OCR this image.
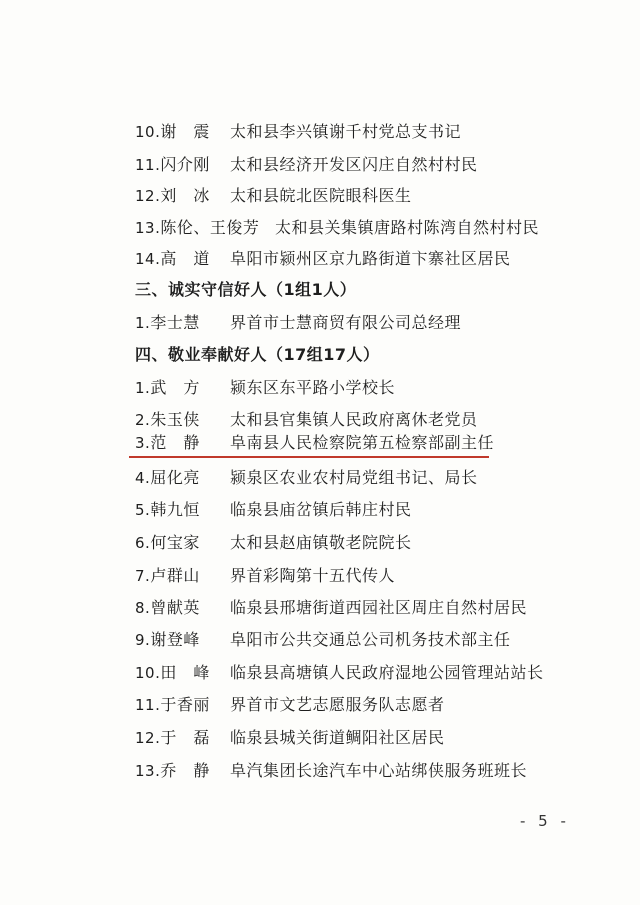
10.谢　震 太和县李兴镇谢千村党总支书记
11.闪介刚 太和县经济开发区闪庄自然村村民
12.刘　冰 太和县皖北医院眼科医生
13.陈伦、王俊芳 太和县关集镇唐路村陈湾自然村村民
14.高　道 阜阳市颍州区京九路街道卞寨社区居民
三、诚实守信好人（1组1人）
1.李士慧 界首市士慧商贸有限公司总经理
四、敬业奉献好人（17组17人）
1.武　方 颍东区东平路小学校长
2.朱玉侠 太和县官集镇人民政府离休老党员
3.范　静 阜南县人民检察院第五检察部副主任
4.屈化亮 颍泉区农业农村局党组书记、局长
5.韩九恒 临泉县庙岔镇后韩庄村民
6.何宝家 太和县赵庙镇敬老院院长
7.卢群山 界首彩陶第十五代传人
8.曾献英 临泉县邢塘街道西园社区周庄自然村居民
9.谢登峰 阜阳市公共交通总公司机务技术部主任
10.田　峰 临泉县高塘镇人民政府湿地公园管理站站长
11.于香丽 界首市文艺志愿服务队志愿者
12.于　磊 临泉县城关街道鲷阳社区居民
13.乔　静 阜汽集团长途汽车中心站绑侠服务班班长
- 5 -
